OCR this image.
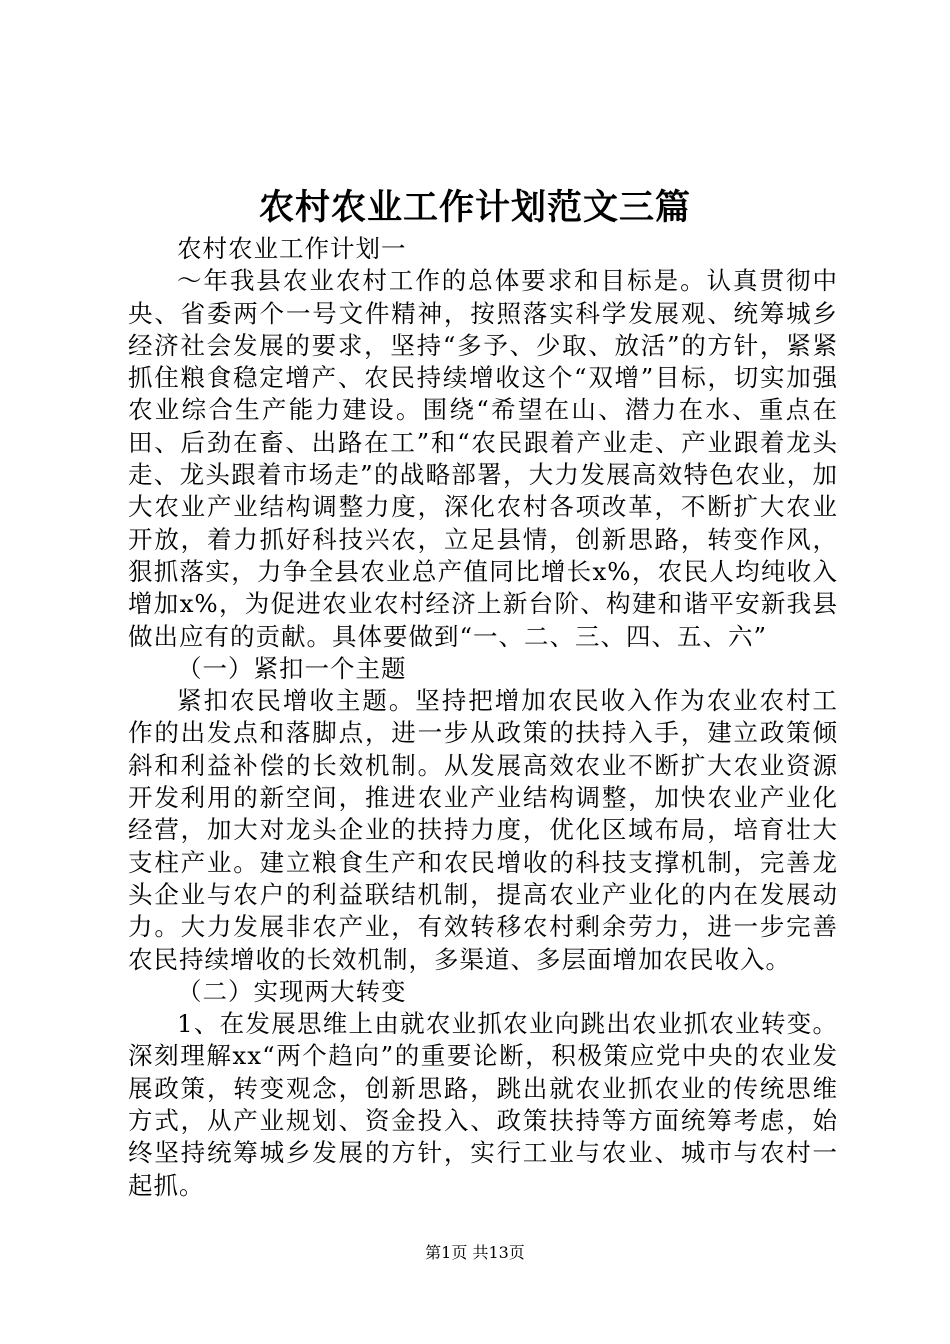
农村农业工作计划范文三篇

农村农业工作计划一

～年我县农业农村工作的总体要求和目标是。认真贯彻中央、省委两个一号文件精神，按照落实科学发展观、统筹城乡经济社会发展的要求，坚持“多予、少取、放活”的方针，紧紧抓住粮食稳定增产、农民持续增收这个“双增”目标，切实加强农业综合生产能力建设。围绕“希望在山、潜力在水、重点在田、后劲在畜、出路在工”和“农民跟着产业走、产业跟着龙头走、龙头跟着市场走”的战略部署，大力发展高效特色农业，加大农业产业结构调整力度，深化农村各项改革，不断扩大农业开放，着力抓好科技兴农，立足县情，创新思路，转变作风，狠抓落实，力争全县农业总产值同比增长x%，农民人均纯收入增加x%，为促进农业农村经济上新台阶、构建和谐平安新我县做出应有的贡献。具体要做到“一、二、三、四、五、六”

（一）紧扣一个主题

紧扣农民增收主题。坚持把增加农民收入作为农业农村工作的出发点和落脚点，进一步从政策的扶持入手，建立政策倾斜和利益补偿的长效机制。从发展高效农业不断扩大农业资源开发利用的新空间，推进农业产业结构调整，加快农业产业化经营，加大对龙头企业的扶持力度，优化区域布局，培育壮大支柱产业。建立粮食生产和农民增收的科技支撑机制，完善龙头企业与农户的利益联结机制，提高农业产业化的内在发展动力。大力发展非农产业，有效转移农村剩余劳力，进一步完善农民持续增收的长效机制，多渠道、多层面增加农民收入。

（二）实现两大转变

1、在发展思维上由就农业抓农业向跳出农业抓农业转变。深刻理解xx“两个趋向”的重要论断，积极策应党中央的农业发展政策，转变观念，创新思路，跳出就农业抓农业的传统思维方式，从产业规划、资金投入、政策扶持等方面统筹考虑，始终坚持统筹城乡发展的方针，实行工业与农业、城市与农村一起抓。

第1页 共13页
